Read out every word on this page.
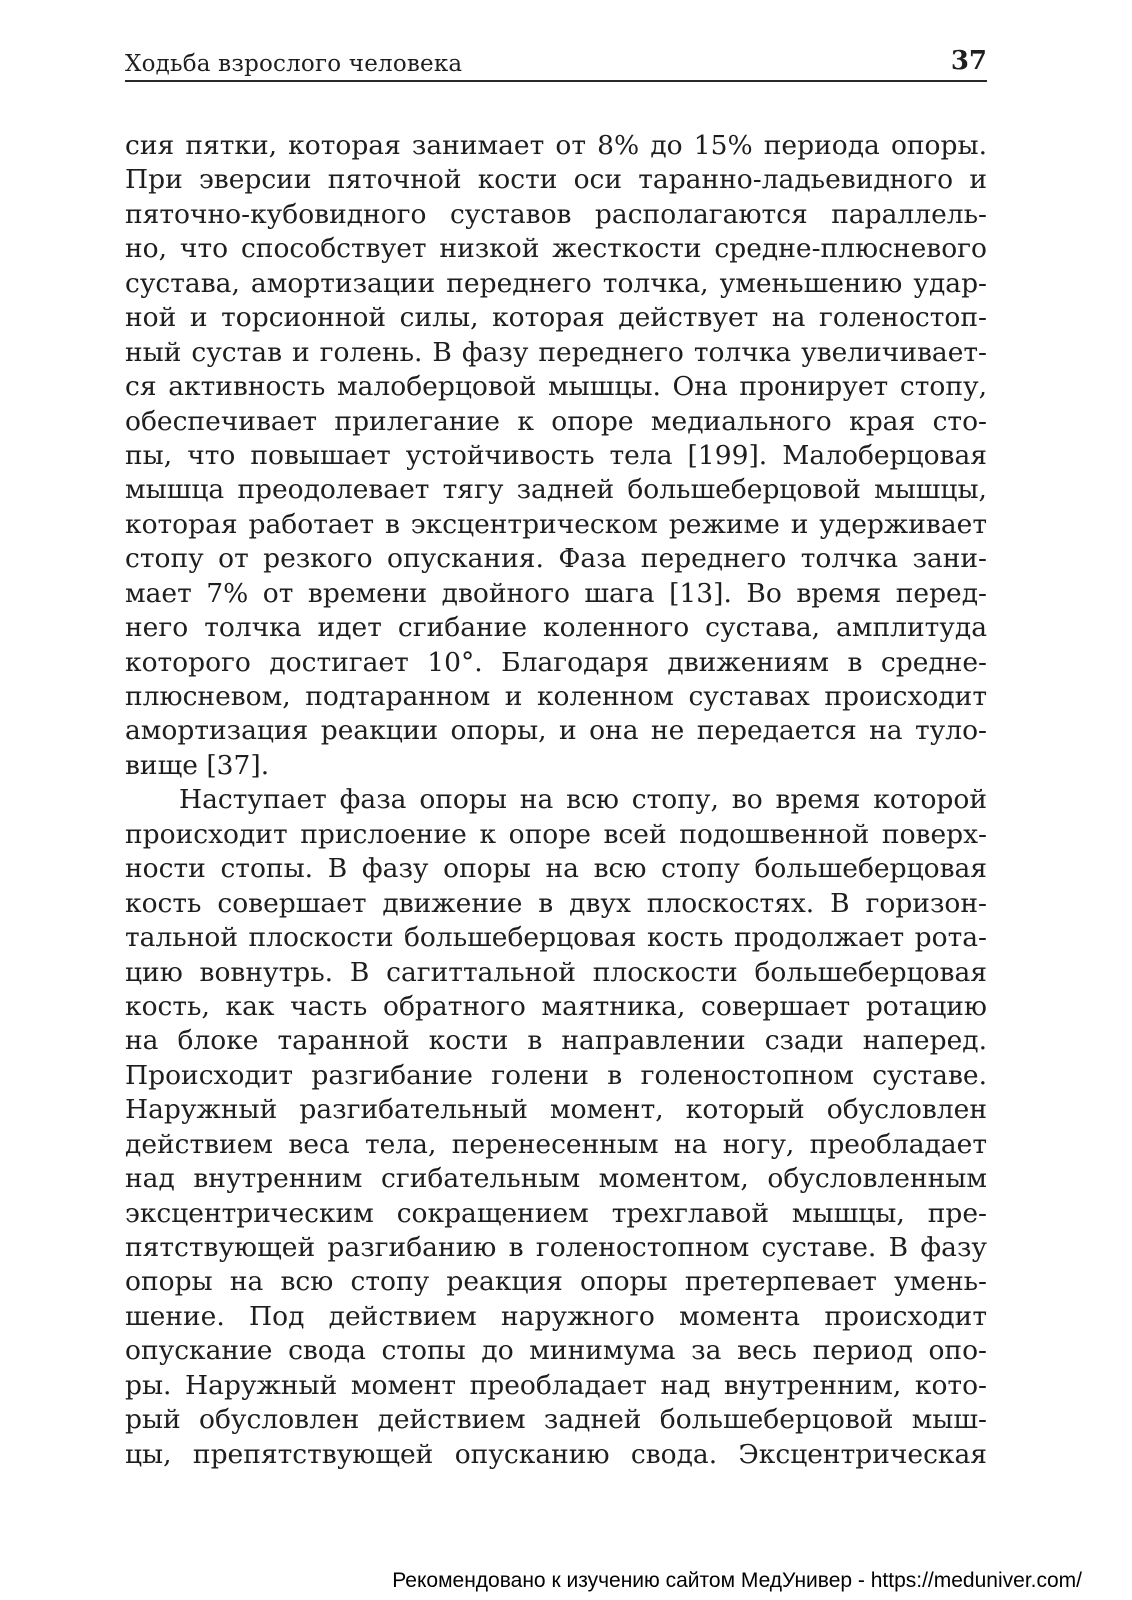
Ходьба взрослого человека	37
сия пятки, которая занимает от 8% до 15% периода опоры.
При эверсии пяточной кости оси таранно-ладьевидного и
пяточно-кубовидного суставов располагаются параллель-
но, что способствует низкой жесткости средне-плюсневого
сустава, амортизации переднего толчка, уменьшению удар-
ной и торсионной силы, которая действует на голеностоп-
ный сустав и голень. В фазу переднего толчка увеличивает-
ся активность малоберцовой мышцы. Она пронирует стопу,
обеспечивает прилегание к опоре медиального края сто-
пы, что повышает устойчивость тела [199]. Малоберцовая
мышца преодолевает тягу задней большеберцовой мышцы,
которая работает в эксцентрическом режиме и удерживает
стопу от резкого опускания. Фаза переднего толчка зани-
мает 7% от времени двойного шага [13]. Во время перед-
него толчка идет сгибание коленного сустава, амплитуда
которого достигает 10°. Благодаря движениям в средне-
плюсневом, подтаранном и коленном суставах происходит
амортизация реакции опоры, и она не передается на туло-
вище [37].
Наступает фаза опоры на всю стопу, во время которой
происходит прислоение к опоре всей подошвенной поверх-
ности стопы. В фазу опоры на всю стопу большеберцовая
кость совершает движение в двух плоскостях. В горизон-
тальной плоскости большеберцовая кость продолжает рота-
цию вовнутрь. В сагиттальной плоскости большеберцовая
кость, как часть обратного маятника, совершает ротацию
на блоке таранной кости в направлении сзади наперед.
Происходит разгибание голени в голеностопном суставе.
Наружный разгибательный момент, который обусловлен
действием веса тела, перенесенным на ногу, преобладает
над внутренним сгибательным моментом, обусловленным
эксцентрическим сокращением трехглавой мышцы, пре-
пятствующей разгибанию в голеностопном суставе. В фазу
опоры на всю стопу реакция опоры претерпевает умень-
шение. Под действием наружного момента происходит
опускание свода стопы до минимума за весь период опо-
ры. Наружный момент преобладает над внутренним, кото-
рый обусловлен действием задней большеберцовой мыш-
цы, препятствующей опусканию свода. Эксцентрическая
Рекомендовано к изучению сайтом МедУнивер - https://meduniver.com/
